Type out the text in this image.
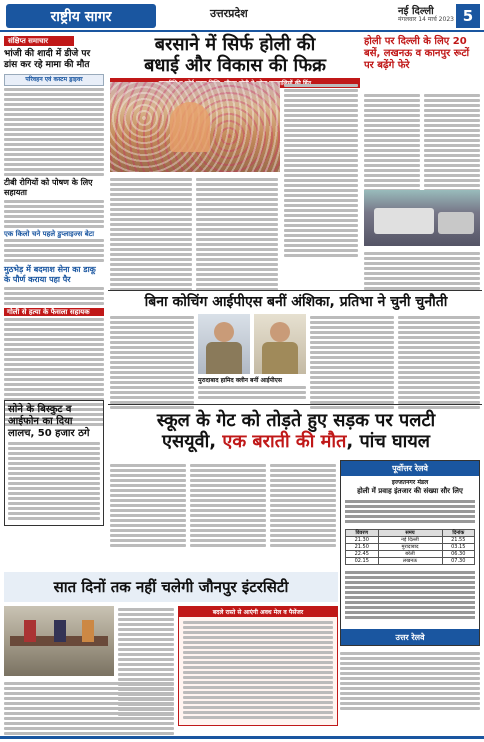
राष्ट्रीय सागर	उत्तरप्रदेश	नई दिल्ली
मंगलवार 14 मार्च 2023 5
संक्षिप्त समाचार
भांजी की शादी में डीजे पर डांस कर रहे मामा की मौत
परिवहन एवं कस्टम ड्राइवर
टीबी रोगियों को पोषण के लिए सहायता
एक किलो चने पहले डुप्लाइज्स बेटा
मुठभेड़ में बदमाश सेना का डाकू के पौर्ण कराया पहा पैर
गोली से हत्या के फैसला सहायक
सोने के बिस्कुट व आईफोन का दिया लालच, 50 हजार ठगे
बरसाने में सिर्फ होली की
बधाई और विकास की फिक्र
बजवालियों
होली पर दिल्ली के लिए 20 बसें, लखनऊ व कानपुर रूटों पर बढ़ेंगे फेरे
बिना कोचिंग आईपीएस बनीं अंशिका, प्रतिभा ने चुनी चुनौती
मुरादाबाद हामिद क्लीन बनीं आईपीएस
स्कूल के गेट को तोड़ते हुए सड़क पर पलटी
एसयूवी, एक बराती की मौत, पांच घायल
पूर्वोत्तर रेलवे
इज्जतनगर मंडल
होली में प्रवाह इंतजार की संख्या सौर लिए
विवरण	समय	दिनांक
21.30	नई दिल्ली	21.55
21.50	मुरादाबाद	03.15
22.45	बरेली	06.30
02.15	लखनऊ	07.30
उत्तर रेलवे
सात दिनों तक नहीं चलेगी जौनपुर इंटरसिटी
बदले रास्ते से आएंगी अवध मेल व पैसेंजर
